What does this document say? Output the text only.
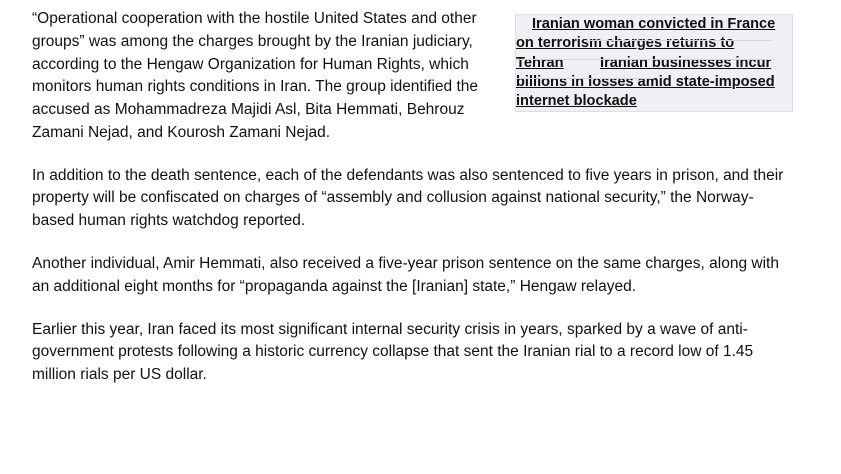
Iranian woman convicted in France on terrorism charges returns to Tehran Iranian businesses incur billions in losses amid state-imposed internet blockade

“Operational cooperation with the hostile United States and other groups” was among the charges brought by the Iranian judiciary, according to the Hengaw Organization for Human Rights, which monitors human rights conditions in Iran. The group identified the accused as Mohammadreza Majidi Asl, Bita Hemmati, Behrouz Zamani Nejad, and Kourosh Zamani Nejad.

In addition to the death sentence, each of the defendants was also sentenced to five years in prison, and their property will be confiscated on charges of “assembly and collusion against national security,” the Norway-based human rights watchdog reported.

Another individual, Amir Hemmati, also received a five-year prison sentence on the same charges, along with an additional eight months for “propaganda against the [Iranian] state,” Hengaw relayed.

Earlier this year, Iran faced its most significant internal security crisis in years, sparked by a wave of anti-government protests following a historic currency collapse that sent the Iranian rial to a record low of 1.45 million rials per US dollar.
